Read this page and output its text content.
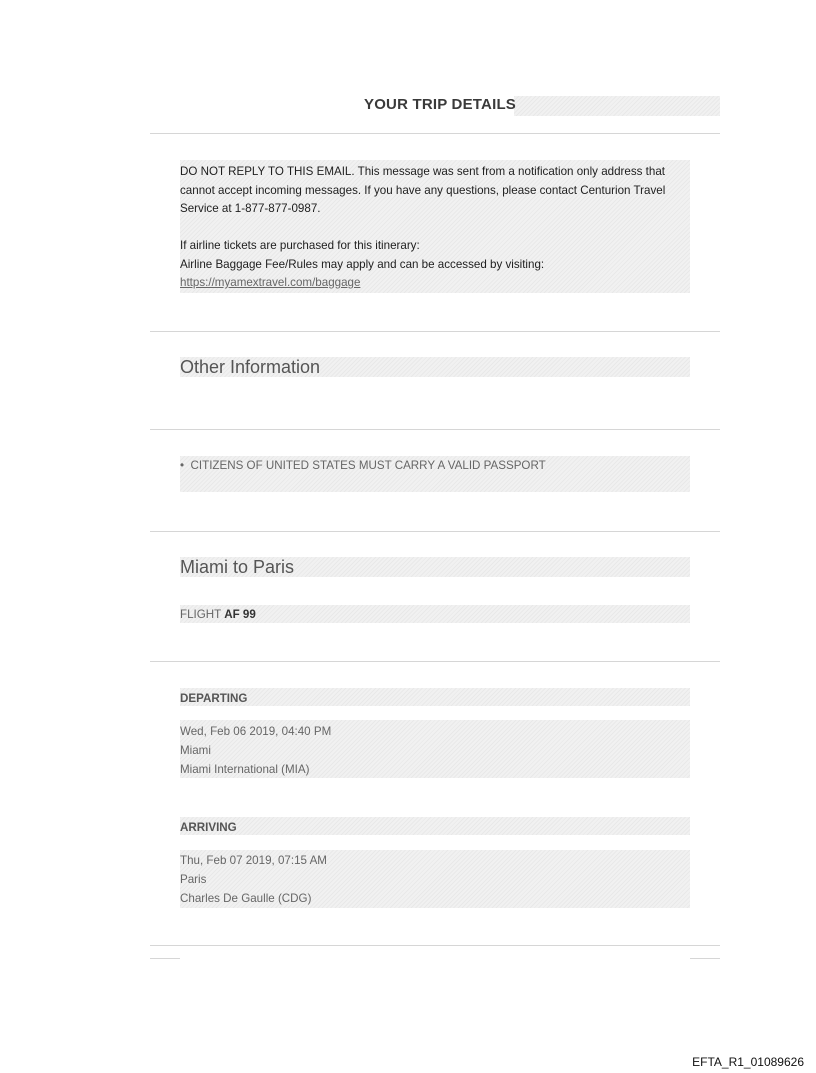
YOUR TRIP DETAILS

DO NOT REPLY TO THIS EMAIL. This message was sent from a notification only address that cannot accept incoming messages. If you have any questions, please contact Centurion Travel Service at 1-877-877-0987.

If airline tickets are purchased for this itinerary:

Airline Baggage Fee/Rules may apply and can be accessed by visiting:

https://myamextravel.com/baggage

Other Information
• CITIZENS OF UNITED STATES MUST CARRY A VALID PASSPORT
Miami to Paris
FLIGHT AF 99
DEPARTING
Wed, Feb 06 2019, 04:40 PM
Miami
Miami International (MIA)
ARRIVING
Thu, Feb 07 2019, 07:15 AM
Paris
Charles De Gaulle (CDG)
EFTA_R1_01089626
